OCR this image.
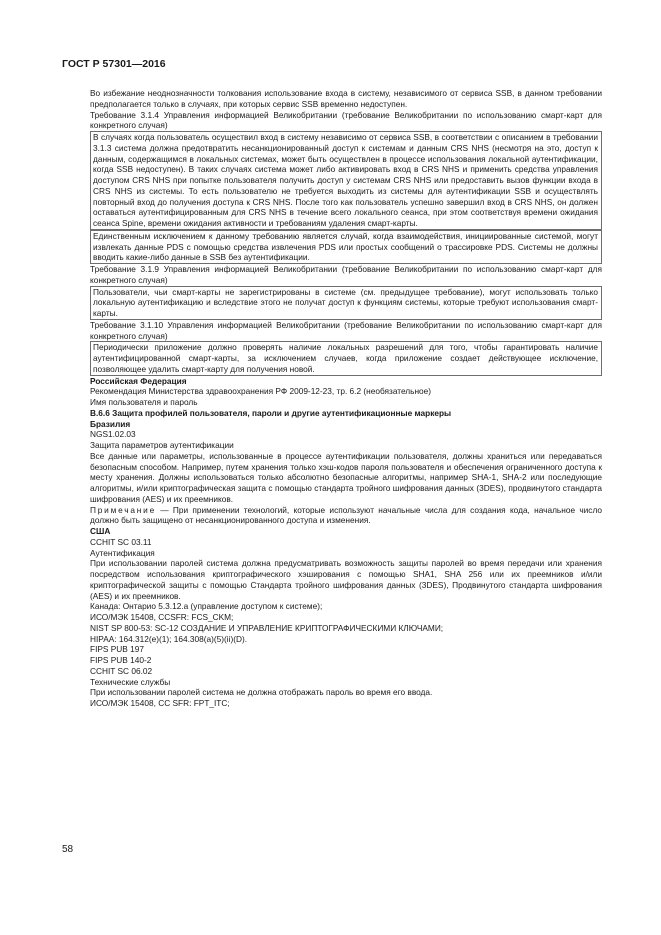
ГОСТ Р 57301—2016

Во избежание неоднозначности толкования использование входа в систему, независимого от сервиса SSB, в данном требовании предполагается только в случаях, при которых сервис SSB временно недоступен.

Требование 3.1.4 Управления информацией Великобритании (требование Великобритании по использованию смарт-карт для конкретного случая)

В случаях когда пользователь осуществил вход в систему независимо от сервиса SSB, в соответствии с описанием в требовании 3.1.3 система должна предотвратить несанкционированный доступ к системам и данным CRS NHS (несмотря на это, доступ к данным, содержащимся в локальных системах, может быть осуществлен в процессе использования локальной аутентификации, когда SSB недоступен). В таких случаях система может либо активировать вход в CRS NHS и применить средства управления доступом CRS NHS при попытке пользователя получить доступ у системам CRS NHS или предоставить вызов функции входа в CRS NHS из системы. То есть пользователю не требуется выходить из системы для аутентификации SSB и осуществлять повторный вход до получения доступа к CRS NHS. После того как пользователь успешно завершил вход в CRS NHS, он должен оставаться аутентифицированным для CRS NHS в течение всего локального сеанса, при этом соответствуя времени ожидания сеанса Spine, времени ожидания активности и требованиям удаления смарт-карты.

Единственным исключением к данному требованию является случай, когда взаимодействия, инициированные системой, могут извлекать данные PDS с помощью средства извлечения PDS или простых сообщений о трассировке PDS. Системы не должны вводить какие-либо данные в SSB без аутентификации.

Требование 3.1.9 Управления информацией Великобритании (требование Великобритании по использованию смарт-карт для конкретного случая)

Пользователи, чьи смарт-карты не зарегистрированы в системе (см. предыдущее требование), могут использовать только локальную аутентификацию и вследствие этого не получат доступ к функциям системы, которые требуют использования смарт-карты.

Требование 3.1.10 Управления информацией Великобритании (требование Великобритании по использованию смарт-карт для конкретного случая)

Периодически приложение должно проверять наличие локальных разрешений для того, чтобы гарантировать наличие аутентифицированной смарт-карты, за исключением случаев, когда приложение создает действующее исключение, позволяющее удалить смарт-карту для получения новой.

Российская Федерация

Рекомендация Министерства здравоохранения РФ 2009-12-23, тр. 6.2 (необязательное)

Имя пользователя и пароль

В.6.6 Защита профилей пользователя, пароли и другие аутентификационные маркеры

Бразилия

NGS1.02.03

Защита параметров аутентификации

Все данные или параметры, использованные в процессе аутентификации пользователя, должны храниться или передаваться безопасным способом. Например, путем хранения только хэш-кодов пароля пользователя и обеспечения ограниченного доступа к месту хранения. Должны использоваться только абсолютно безопасные алгоритмы, например SHA-1, SHA-2 или последующие алгоритмы, и/или криптографическая защита с помощью стандарта тройного шифрования данных (3DES), продвинутого стандарта шифрования (AES) и их преемников.

Примечание — При применении технологий, которые используют начальные числа для создания кода, начальное число должно быть защищено от несанкционированного доступа и изменения.

США

CCHIT SC 03.11

Аутентификация

При использовании паролей система должна предусматривать возможность защиты паролей во время передачи или хранения посредством использования криптографического хэширования с помощью SHA1, SHA 256 или их преемников и/или криптографической защиты с помощью Стандарта тройного шифрования данных (3DES), Продвинутого стандарта шифрования (AES) и их преемников.

Канада: Онтарио 5.3.12.а (управление доступом к системе);

ИСО/МЭК 15408, CCSFR: FCS_CKM;

NIST SP 800-53: SC-12 СОЗДАНИЕ И УПРАВЛЕНИЕ КРИПТОГРАФИЧЕСКИМИ КЛЮЧАМИ;

HIPAA: 164.312(e)(1); 164.308(a)(5)(ii)(D).

FIPS PUB 197

FIPS PUB 140-2

CCHIT SC 06.02

Технические службы

При использовании паролей система не должна отображать пароль во время его ввода.

ИСО/МЭК 15408, CC SFR: FPT_ITC;

58
